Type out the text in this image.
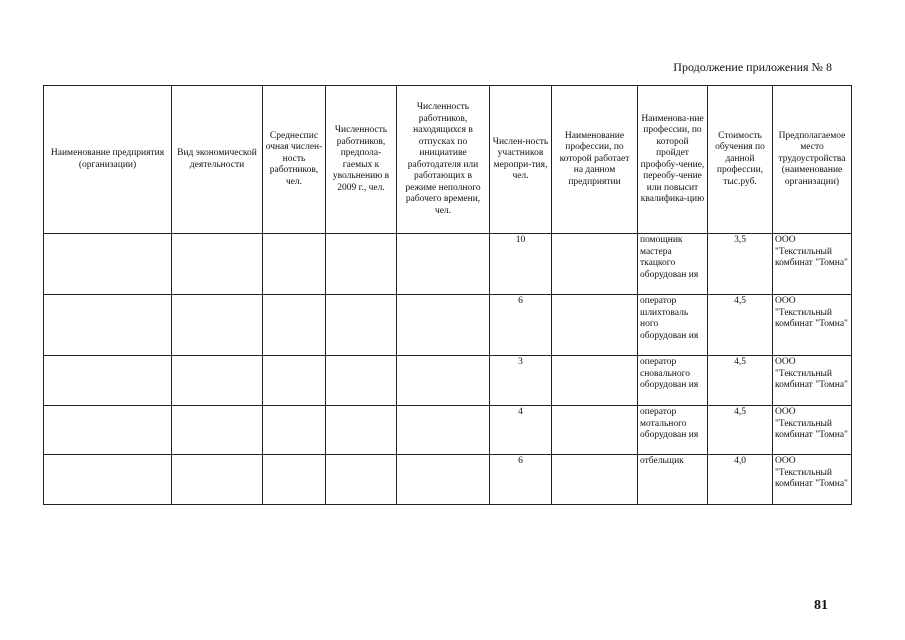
Продолжение приложения № 8
Наименование предприятия (организации)	Вид экономической деятельности	Среднеспис очная числен-ность работников, чел.	Численность работников, предпола-гаемых к увольнению в 2009 г., чел.	Численность работников, находящихся в отпусках по инициативе работодателя или работающих в режиме неполного рабочего времени, чел.	Числен-ность участников меропри-тия, чел.	Наименование профессии, по которой работает на данном предприятии	Наименова-ние профессии, по которой пройдет профобу-чение, переобу-чение или повысит квалифика-цию	Стоимость обучения по данной профессии, тыс.руб.	Предполагаемое место трудоустройства (наименование организации)
					10		помощник мастера ткацкого оборудован ия	3,5	ООО "Текстильный комбинат "Томна"
					6		оператор шлихтоваль ного оборудован ия	4,5	ООО "Текстильный комбинат "Томна"
					3		оператор сновального оборудован ия	4,5	ООО "Текстильный комбинат "Томна"
					4		оператор мотального оборудован ия	4,5	ООО "Текстильный комбинат "Томна"
					6		отбельщик	4,0	ООО "Текстильный комбинат "Томна"
81
